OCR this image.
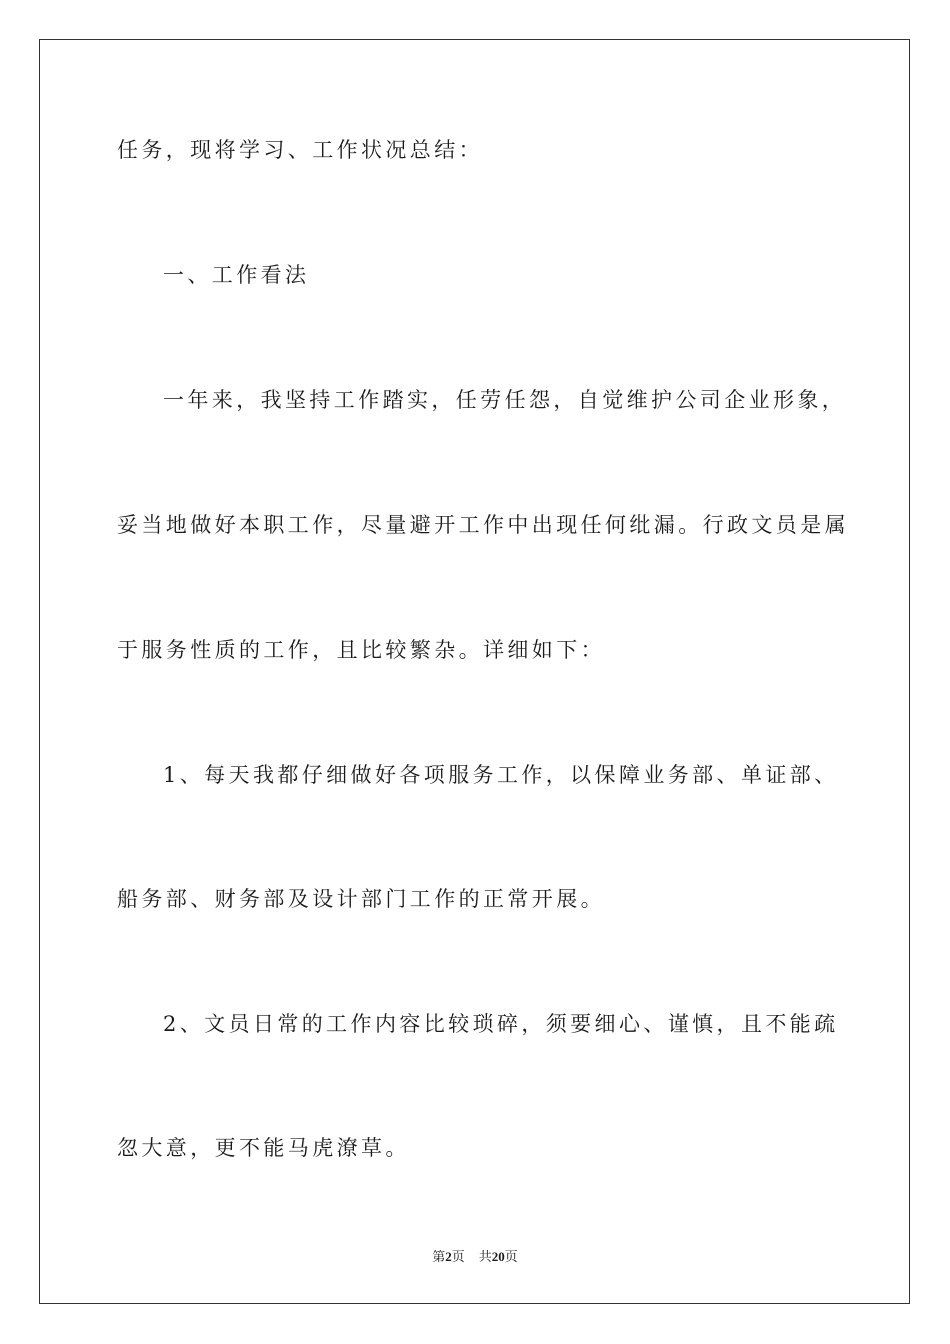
任务，现将学习、工作状况总结：
一、工作看法
一年来，我坚持工作踏实，任劳任怨，自觉维护公司企业形象，
妥当地做好本职工作，尽量避开工作中出现任何纰漏。行政文员是属
于服务性质的工作，且比较繁杂。详细如下：
1、每天我都仔细做好各项服务工作，以保障业务部、单证部、
船务部、财务部及设计部门工作的正常开展。
2、文员日常的工作内容比较琐碎，须要细心、谨慎，且不能疏
忽大意，更不能马虎潦草。
第2页 共20页
